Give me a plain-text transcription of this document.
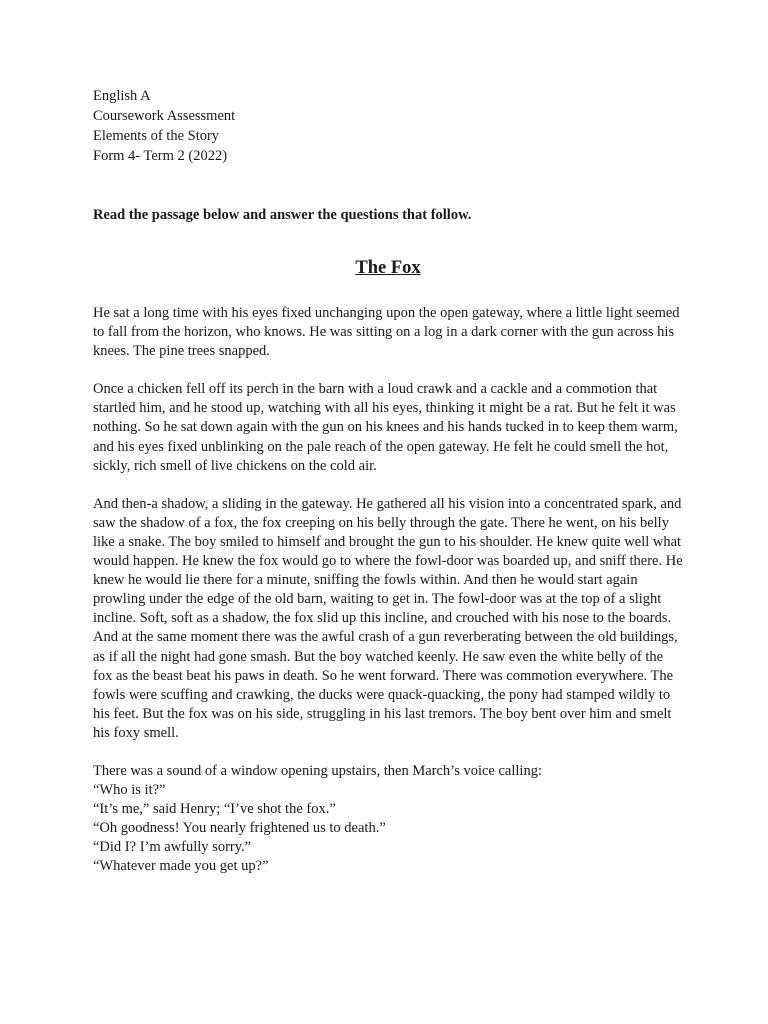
English A

Coursework Assessment

Elements of the Story

Form 4- Term 2 (2022)

Read the passage below and answer the questions that follow.
The Fox

He sat a long time with his eyes fixed unchanging upon the open gateway, where a little light seemed to fall from the horizon, who knows. He was sitting on a log in a dark corner with the gun across his knees. The pine trees snapped.

Once a chicken fell off its perch in the barn with a loud crawk and a cackle and a commotion that startled him, and he stood up, watching with all his eyes, thinking it might be a rat. But he felt it was nothing. So he sat down again with the gun on his knees and his hands tucked in to keep them warm, and his eyes fixed unblinking on the pale reach of the open gateway. He felt he could smell the hot, sickly, rich smell of live chickens on the cold air.

And then-a shadow, a sliding in the gateway. He gathered all his vision into a concentrated spark, and saw the shadow of a fox, the fox creeping on his belly through the gate. There he went, on his belly like a snake. The boy smiled to himself and brought the gun to his shoulder. He knew quite well what would happen. He knew the fox would go to where the fowl-door was boarded up, and sniff there. He knew he would lie there for a minute, sniffing the fowls within. And then he would start again prowling under the edge of the old barn, waiting to get in. The fowl-door was at the top of a slight incline. Soft, soft as a shadow, the fox slid up this incline, and crouched with his nose to the boards. And at the same moment there was the awful crash of a gun reverberating between the old buildings, as if all the night had gone smash. But the boy watched keenly. He saw even the white belly of the fox as the beast beat his paws in death. So he went forward. There was commotion everywhere. The fowls were scuffing and crawking, the ducks were quack-quacking, the pony had stamped wildly to his feet. But the fox was on his side, struggling in his last tremors. The boy bent over him and smelt his foxy smell.

There was a sound of a window opening upstairs, then March’s voice calling:

“Who is it?”

“It’s me,” said Henry; “I’ve shot the fox.”

“Oh goodness! You nearly frightened us to death.”

“Did I? I’m awfully sorry.”

“Whatever made you get up?”
